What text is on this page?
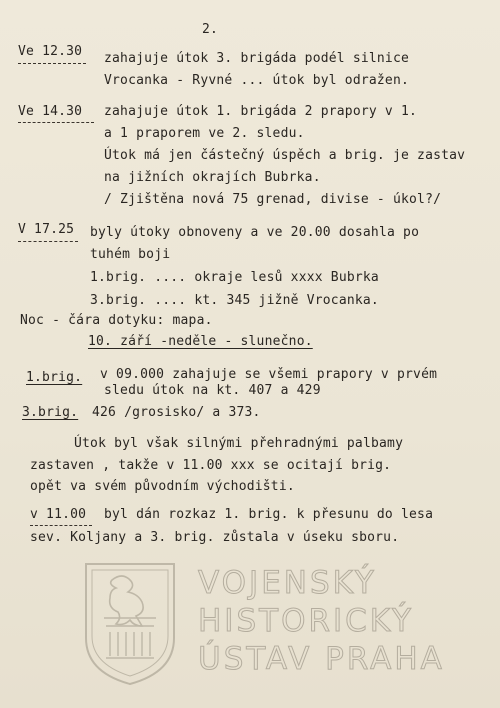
2.
Ve 12.30 zahajuje útok 3. brigáda podél silnice
Vrocanka - Ryvné ... útok byl odražen.
Ve 14.30 zahajuje útok 1. brigáda 2 prapory v 1.
a 1 praporem ve 2. sledu.
Útok má jen částečný úspěch a brig. je zastav
na jižních okrajích Bubrka.
/ Zjištěna nová 75 grenad, divise - úkol?/
V 17.25 byly útoky obnoveny a ve 20.00 dosahla po
tuhém boji
1.brig. .... okraje lesů xxxx Bubrka
3.brig. .... kt. 345 jižně Vrocanka.
Noc - čára dotyku: mapa.
10. září -neděle - slunečno.
1.brig. v 09.000 zahajuje se všemi prapory v prvém
sledu útok na kt. 407 a 429
3.brig. 426 /grosisko/ a 373.
Útok byl však silnými přehradnými palbamy
zastaven , takže v 11.00 xxx se ocitají brig.
opět va svém původním východišti.
v 11.00 byl dán rozkaz 1. brig. k přesunu do lesa
sev. Koljany a 3. brig. zůstala v úseku sboru.
VOJENSKÝ
HISTORICKÝ
ÚSTAV PRAHA
